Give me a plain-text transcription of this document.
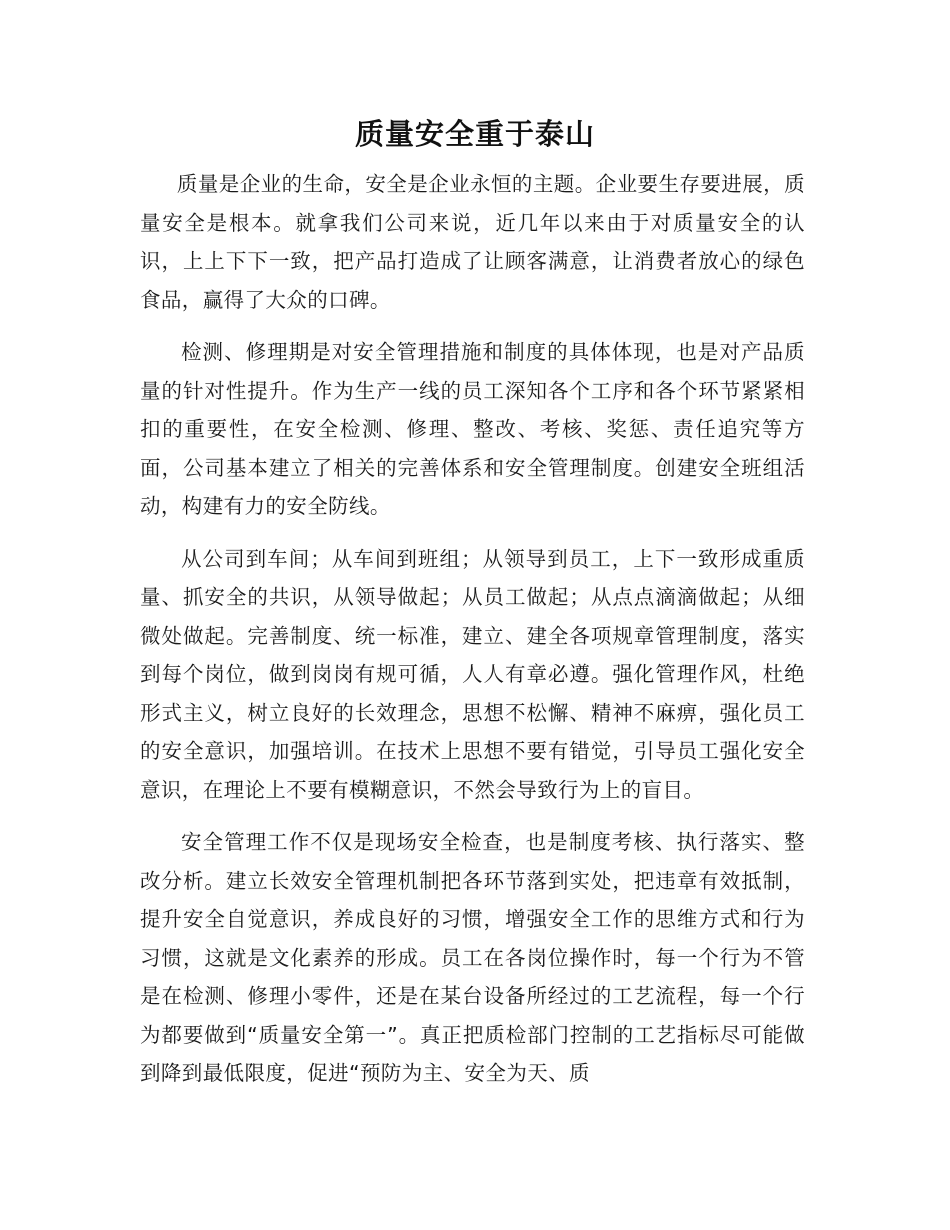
质量安全重于泰山

质量是企业的生命，安全是企业永恒的主题。企业要生存要进展，质量安全是根本。就拿我们公司来说，近几年以来由于对质量安全的认识，上上下下一致，把产品打造成了让顾客满意，让消费者放心的绿色食品，赢得了大众的口碑。

检测、修理期是对安全管理措施和制度的具体体现，也是对产品质量的针对性提升。作为生产一线的员工深知各个工序和各个环节紧紧相扣的重要性，在安全检测、修理、整改、考核、奖惩、责任追究等方面，公司基本建立了相关的完善体系和安全管理制度。创建安全班组活动，构建有力的安全防线。

从公司到车间；从车间到班组；从领导到员工，上下一致形成重质量、抓安全的共识，从领导做起；从员工做起；从点点滴滴做起；从细微处做起。完善制度、统一标准，建立、建全各项规章管理制度，落实到每个岗位，做到岗岗有规可循，人人有章必遵。强化管理作风，杜绝形式主义，树立良好的长效理念，思想不松懈、精神不麻痹，强化员工的安全意识，加强培训。在技术上思想不要有错觉，引导员工强化安全意识，在理论上不要有模糊意识，不然会导致行为上的盲目。

安全管理工作不仅是现场安全检查，也是制度考核、执行落实、整改分析。建立长效安全管理机制把各环节落到实处，把违章有效抵制，提升安全自觉意识，养成良好的习惯，增强安全工作的思维方式和行为习惯，这就是文化素养的形成。员工在各岗位操作时，每一个行为不管是在检测、修理小零件，还是在某台设备所经过的工艺流程，每一个行为都要做到“质量安全第一”。真正把质检部门控制的工艺指标尽可能做到降到最低限度，促进“预防为主、安全为天、质
